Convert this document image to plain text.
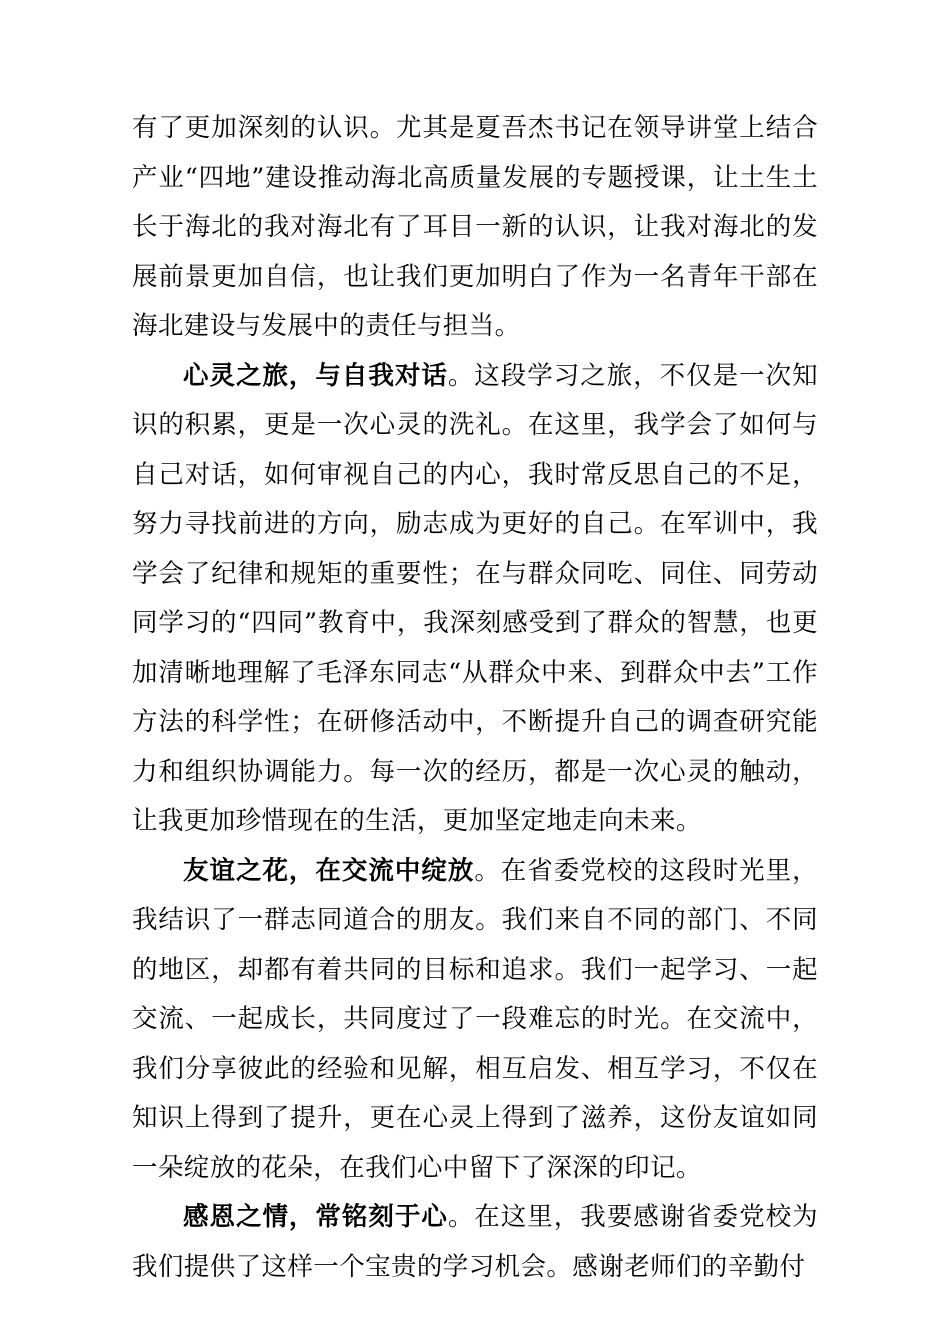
有了更加深刻的认识。尤其是夏吾杰书记在领导讲堂上结合产业“四地”建设推动海北高质量发展的专题授课，让土生土长于海北的我对海北有了耳目一新的认识，让我对海北的发展前景更加自信，也让我们更加明白了作为一名青年干部在海北建设与发展中的责任与担当。

心灵之旅，与自我对话。这段学习之旅，不仅是一次知识的积累，更是一次心灵的洗礼。在这里，我学会了如何与自己对话，如何审视自己的内心，我时常反思自己的不足，努力寻找前进的方向，励志成为更好的自己。在军训中，我学会了纪律和规矩的重要性；在与群众同吃、同住、同劳动同学习的“四同”教育中，我深刻感受到了群众的智慧，也更加清晰地理解了毛泽东同志“从群众中来、到群众中去”工作方法的科学性；在研修活动中，不断提升自己的调查研究能力和组织协调能力。每一次的经历，都是一次心灵的触动，让我更加珍惜现在的生活，更加坚定地走向未来。

友谊之花，在交流中绽放。在省委党校的这段时光里，我结识了一群志同道合的朋友。我们来自不同的部门、不同的地区，却都有着共同的目标和追求。我们一起学习、一起交流、一起成长，共同度过了一段难忘的时光。在交流中，我们分享彼此的经验和见解，相互启发、相互学习，不仅在知识上得到了提升，更在心灵上得到了滋养，这份友谊如同一朵绽放的花朵，在我们心中留下了深深的印记。

感恩之情，常铭刻于心。在这里，我要感谢省委党校为我们提供了这样一个宝贵的学习机会。感谢老师们的辛勤付
